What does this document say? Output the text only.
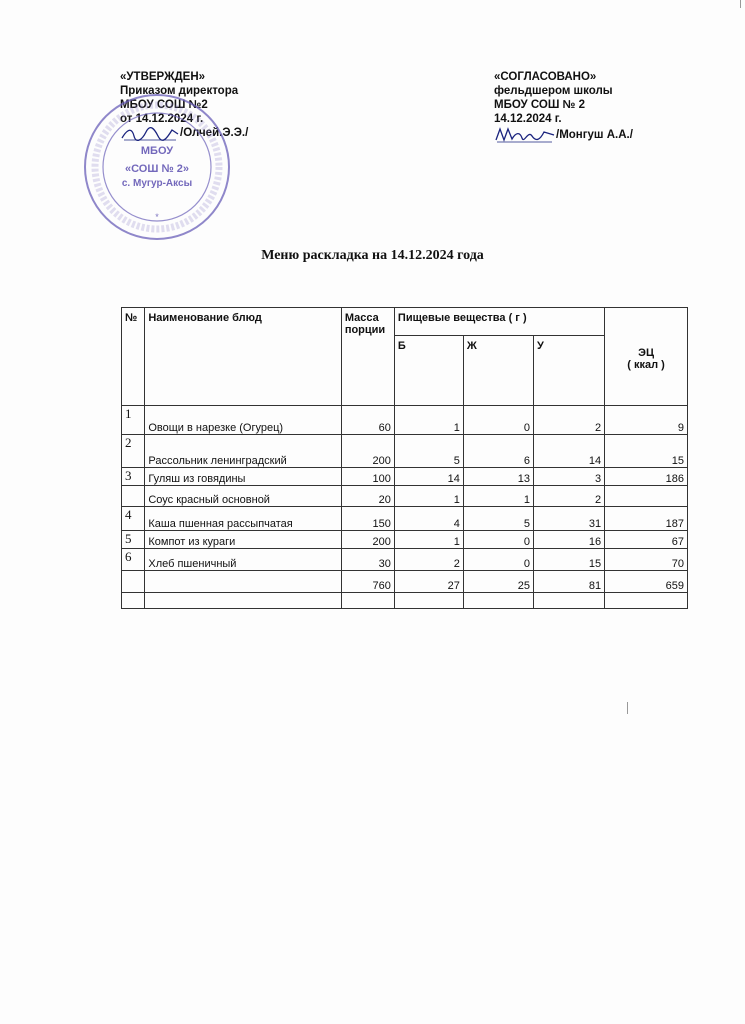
«УТВЕРЖДЕН»
Приказом директора
МБОУ СОШ №2
от 14.12.2024 г.
/Олчей.Э.Э./
МБОУ
«СОШ № 2»
с. Мугур-Аксы
*
«СОГЛАСОВАНО»
фельдшером школы
МБОУ СОШ № 2
14.12.2024 г.
/Монгуш А.А./
Меню раскладка на 14.12.2024 года
№	Наименование блюд	Масса порции	Пищевые вещества ( г )			ЭЦ
( ккал )

			Б	Ж	У	
1	Овощи в нарезке (Огурец)	60	1	0	2	9
2	Рассольник ленинградский	200	5	6	14	15
3	Гуляш из говядины	100	14	13	3	186
	Соус красный основной	20	1	1	2	
4	Каша пшенная рассыпчатая	150	4	5	31	187
5	Компот из кураги	200	1	0	16	67
6	Хлеб пшеничный	30	2	0	15	70
		760	27	25	81	659
